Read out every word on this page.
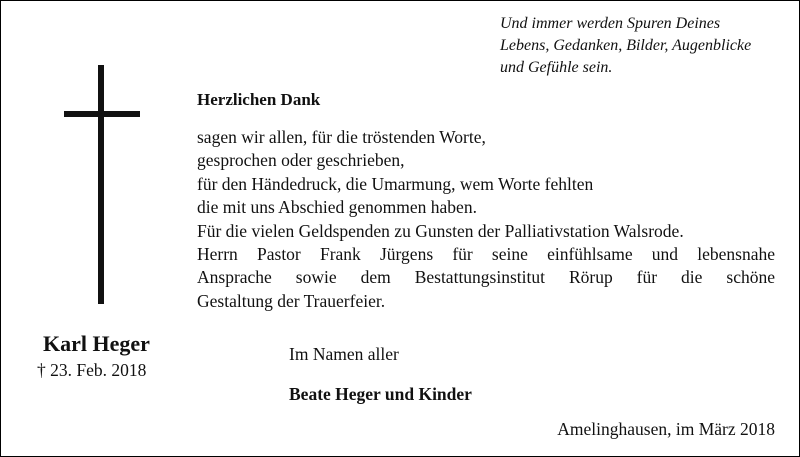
Und immer werden Spuren Deines
Lebens, Gedanken, Bilder, Augenblicke
und Gefühle sein.
Herzlichen Dank
sagen wir allen, für die tröstenden Worte,
gesprochen oder geschrieben,
für den Händedruck, die Umarmung, wem Worte fehlten
die mit uns Abschied genommen haben.
Für die vielen Geldspenden zu Gunsten der Palliativstation Walsrode.
Herrn Pastor Frank Jürgens für seine einfühlsame und lebensnahe
Ansprache sowie dem Bestattungsinstitut Rörup für die schöne
Gestaltung der Trauerfeier.
Karl Heger
† 23. Feb. 2018
Im Namen aller
Beate Heger und Kinder
Amelinghausen, im März 2018
